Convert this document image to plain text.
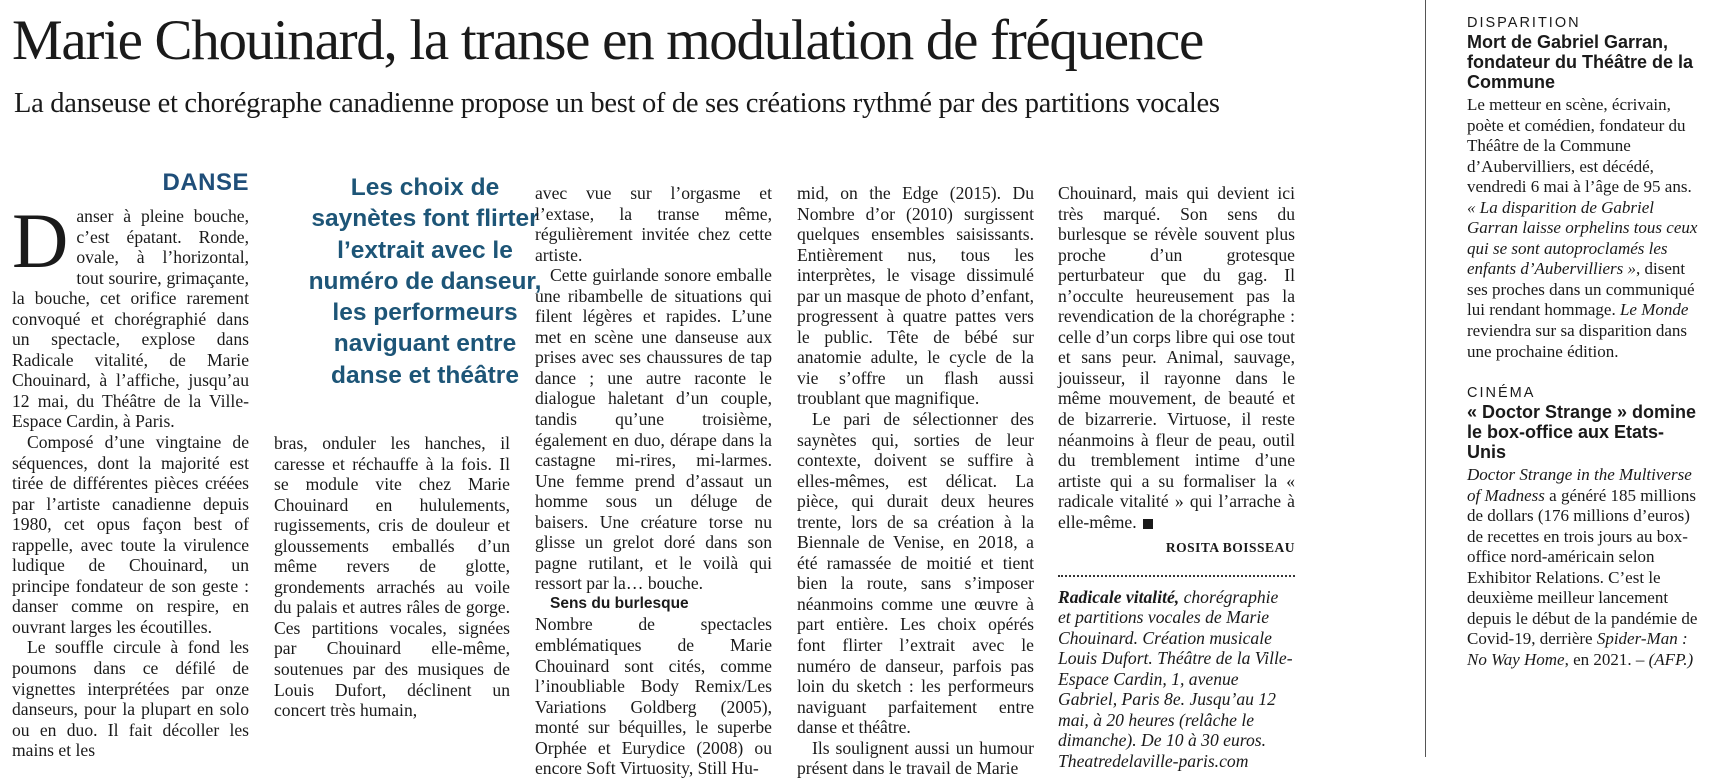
Marie Chouinard, la transe en modulation de fréquence
La danseuse et chorégraphe canadienne propose un best of de ses créations rythmé par des partitions vocales
DANSE

Danser à pleine bouche, c’est épatant. Ronde, ovale, à l’horizontal, tout sourire, grimaçante, la bouche, cet orifice rarement convoqué et chorégraphié dans un spectacle, explose dans Radicale vitalité, de Marie Chouinard, à l’affiche, jusqu’au 12 mai, du Théâtre de la Ville-Espace Cardin, à Paris.

Composé d’une vingtaine de séquences, dont la majorité est tirée de différentes pièces créées par l’artiste canadienne depuis 1980, cet opus façon best of rappelle, avec toute la virulence ludique de Chouinard, un principe fondateur de son geste : danser comme on respire, en ouvrant larges les écoutilles.

Le souffle circule à fond les poumons dans ce défilé de vignettes interprétées par onze danseurs, pour la plupart en solo ou en duo. Il fait décoller les mains et les

Les choix de saynètes font flirter l’extrait avec le numéro de danseur, les performeurs naviguant entre danse et théâtre

bras, onduler les hanches, il caresse et réchauffe à la fois. Il se module vite chez Marie Chouinard en hululements, rugissements, cris de douleur et gloussements emballés d’un même revers de glotte, grondements arrachés au voile du palais et autres râles de gorge. Ces partitions vocales, signées par Chouinard elle-même, soutenues par des musiques de Louis Dufort, déclinent un concert très humain,

avec vue sur l’orgasme et l’extase, la transe même, régulièrement invitée chez cette artiste.

Cette guirlande sonore emballe une ribambelle de situations qui filent légères et rapides. L’une met en scène une danseuse aux prises avec ses chaussures de tap dance ; une autre raconte le dialogue haletant d’un couple, tandis qu’une troisième, également en duo, dérape dans la castagne mi-rires, mi-larmes. Une femme prend d’assaut un homme sous un déluge de baisers. Une créature torse nu glisse un grelot doré dans son pagne rutilant, et le voilà qui ressort par la… bouche.

Sens du burlesque

Nombre de spectacles emblématiques de Marie Chouinard sont cités, comme l’inoubliable Body Remix/Les Variations Goldberg (2005), monté sur béquilles, le superbe Orphée et Eurydice (2008) ou encore Soft Virtuosity, Still Hu-

mid, on the Edge (2015). Du Nombre d’or (2010) surgissent quelques ensembles saisissants. Entièrement nus, tous les interprètes, le visage dissimulé par un masque de photo d’enfant, progressent à quatre pattes vers le public. Tête de bébé sur anatomie adulte, le cycle de la vie s’offre un flash aussi troublant que magnifique.

Le pari de sélectionner des saynètes qui, sorties de leur contexte, doivent se suffire à elles-mêmes, est délicat. La pièce, qui durait deux heures trente, lors de sa création à la Biennale de Venise, en 2018, a été ramassée de moitié et tient bien la route, sans s’imposer néanmoins comme une œuvre à part entière. Les choix opérés font flirter l’extrait avec le numéro de danseur, parfois pas loin du sketch : les performeurs naviguant parfaitement entre danse et théâtre.

Ils soulignent aussi un humour présent dans le travail de Marie

Chouinard, mais qui devient ici très marqué. Son sens du burlesque se révèle souvent plus proche d’un grotesque perturbateur que du gag. Il n’occulte heureusement pas la revendication de la chorégraphe : celle d’un corps libre qui ose tout et sans peur. Animal, sauvage, jouisseur, il rayonne dans le même mouvement, de beauté et de bizarrerie. Virtuose, il reste néanmoins à fleur de peau, outil du tremblement intime d’une artiste qui a su formaliser la « radicale vitalité » qui l’arrache à elle-même.

ROSITA BOISSEAU
Radicale vitalité, chorégraphie et partitions vocales de Marie Chouinard. Création musicale Louis Dufort. Théâtre de la Ville-Espace Cardin, 1, avenue Gabriel, Paris 8e. Jusqu’au 12 mai, à 20 heures (relâche le dimanche). De 10 à 30 euros. Theatredelaville-paris.com
DISPARITION
Mort de Gabriel Garran, fondateur du Théâtre de la Commune

Le metteur en scène, écrivain, poète et comédien, fondateur du Théâtre de la Commune d’Aubervilliers, est décédé, vendredi 6 mai à l’âge de 95 ans. « La disparition de Gabriel Garran laisse orphelins tous ceux qui se sont autoproclamés les enfants d’Aubervilliers », disent ses proches dans un communiqué lui rendant hommage. Le Monde reviendra sur sa disparition dans une prochaine édition.

CINÉMA
« Doctor Strange » domine le box-office aux Etats-Unis

Doctor Strange in the Multiverse of Madness a généré 185 millions de dollars (176 millions d’euros) de recettes en trois jours au box-office nord-américain selon Exhibitor Relations. C’est le deuxième meilleur lancement depuis le début de la pandémie de Covid-19, derrière Spider-Man : No Way Home, en 2021. – (AFP.)
